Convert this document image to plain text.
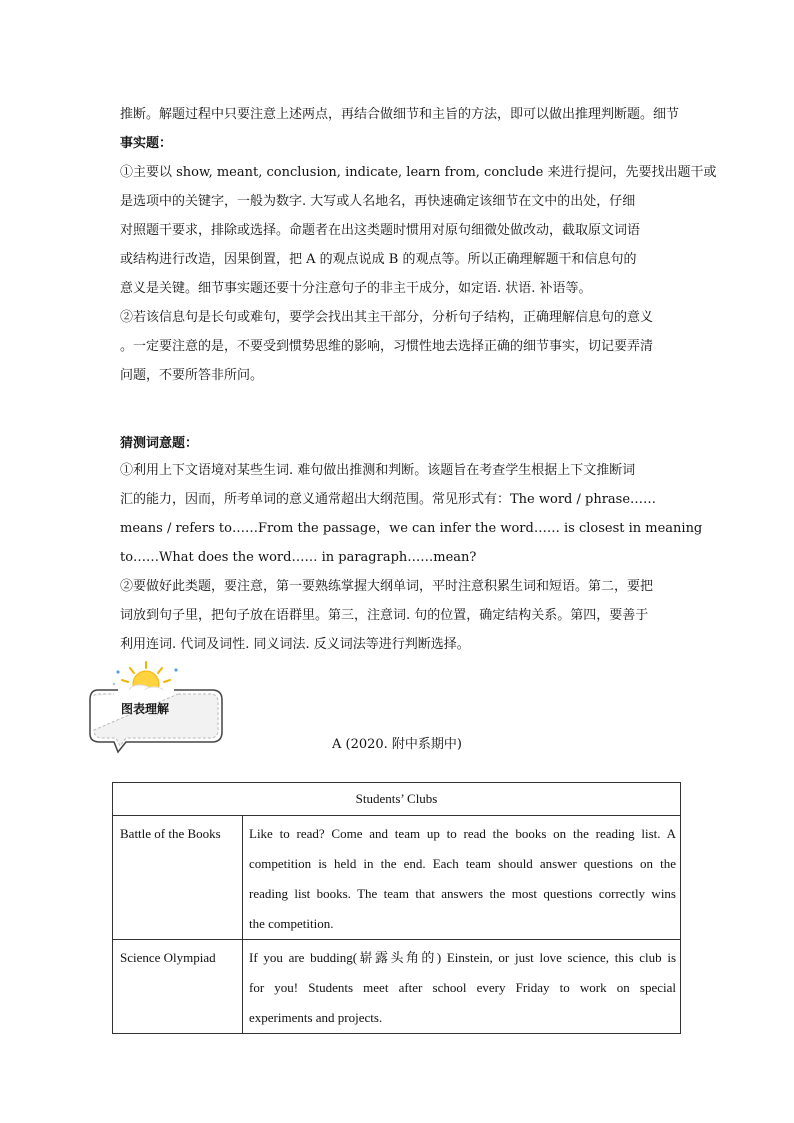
推断。解题过程中只要注意上述两点，再结合做细节和主旨的方法，即可以做出推理判断题。细节
事实题：
①主要以 show, meant, conclusion, indicate, learn from, conclude 来进行提问，先要找出题干或
是选项中的关键字，一般为数字. 大写或人名地名，再快速确定该细节在文中的出处，仔细
对照题干要求，排除或选择。命题者在出这类题时惯用对原句细微处做改动，截取原文词语
或结构进行改造，因果倒置，把 A 的观点说成 B 的观点等。所以正确理解题干和信息句的
意义是关键。细节事实题还要十分注意句子的非主干成分，如定语. 状语. 补语等。
②若该信息句是长句或难句，要学会找出其主干部分，分析句子结构，正确理解信息句的意义
。一定要注意的是，不要受到惯势思维的影响，习惯性地去选择正确的细节事实，切记要弄清
问题，不要所答非所问。
猜测词意题：
①利用上下文语境对某些生词. 难句做出推测和判断。该题旨在考查学生根据上下文推断词
汇的能力，因而，所考单词的意义通常超出大纲范围。常见形式有：The word / phrase……
means / refers to……From the passage，we can infer the word…… is closest in meaning
to……What does the word…… in paragraph……mean?
②要做好此类题，要注意，第一要熟练掌握大纲单词，平时注意积累生词和短语。第二，要把
词放到句子里，把句子放在语群里。第三，注意词. 句的位置，确定结构关系。第四，要善于
利用连词. 代词及词性. 同义词法. 反义词法等进行判断选择。
图表理解
A (2020. 附中系期中)
Students’ Clubs	
Battle of the Books	Like to read? Come and team up to read the books on the reading list. A
competition is held in the end. Each team should answer questions on the
reading list books. The team that answers the most questions correctly wins
the competition.

Science Olympiad	If you are budding(崭露头角的) Einstein, or just love science, this club is
for you! Students meet after school every Friday to work on special
experiments and projects.
